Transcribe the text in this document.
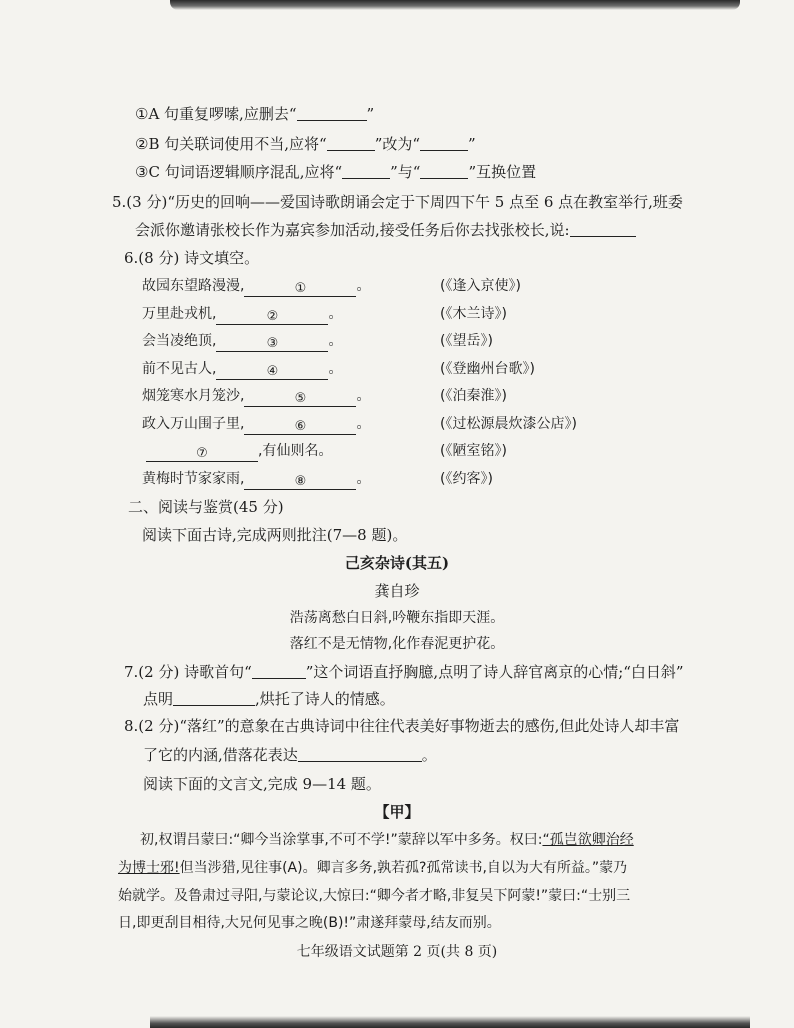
①A 句重复啰嗦,应删去“	”
②B 句关联词使用不当,应将“	”改为“	”
③C 句词语逻辑顺序混乱,应将“	”与“	”互换位置
5.(3 分)“历史的回响——爱国诗歌朗诵会定于下周四下午 5 点至 6 点在教室举行,班委
会派你邀请张校长作为嘉宾参加活动,接受任务后你去找张校长,说:
6.(8 分) 诗文填空。
故园东望路漫漫,	①	。	(《逢入京使》)
万里赴戎机,	②	。	(《木兰诗》)
会当凌绝顶,	③	。	(《望岳》)
前不见古人,	④	。	(《登幽州台歌》)
烟笼寒水月笼沙,	⑤	。	(《泊秦淮》)
政入万山围子里,	⑥	。	(《过松源晨炊漆公店》)
⑦	,有仙则名。	(《陋室铭》)
黄梅时节家家雨,	⑧	。	(《约客》)
二、阅读与鉴赏(45 分)
阅读下面古诗,完成两则批注(7—8 题)。
己亥杂诗(其五)
龚自珍
浩荡离愁白日斜,吟鞭东指即天涯。
落红不是无情物,化作春泥更护花。
7.(2 分) 诗歌首句“	”这个词语直抒胸臆,点明了诗人辞官离京的心情;“白日斜”
点明	,烘托了诗人的情感。
8.(2 分)“落红”的意象在古典诗词中往往代表美好事物逝去的感伤,但此处诗人却丰富
了它的内涵,借落花表达	。
阅读下面的文言文,完成 9—14 题。
【甲】
初,权谓吕蒙曰:“卿今当涂掌事,不可不学!”蒙辞以军中多务。权曰:“孤岂欲卿治经
为博士邪!但当涉猎,见往事(A)。卿言多务,孰若孤?孤常读书,自以为大有所益。”蒙乃
始就学。及鲁肃过寻阳,与蒙论议,大惊曰:“卿今者才略,非复吴下阿蒙!”蒙曰:“士别三
日,即更刮目相待,大兄何见事之晚(B)!”肃遂拜蒙母,结友而别。
七年级语文试题第 2 页(共 8 页)
